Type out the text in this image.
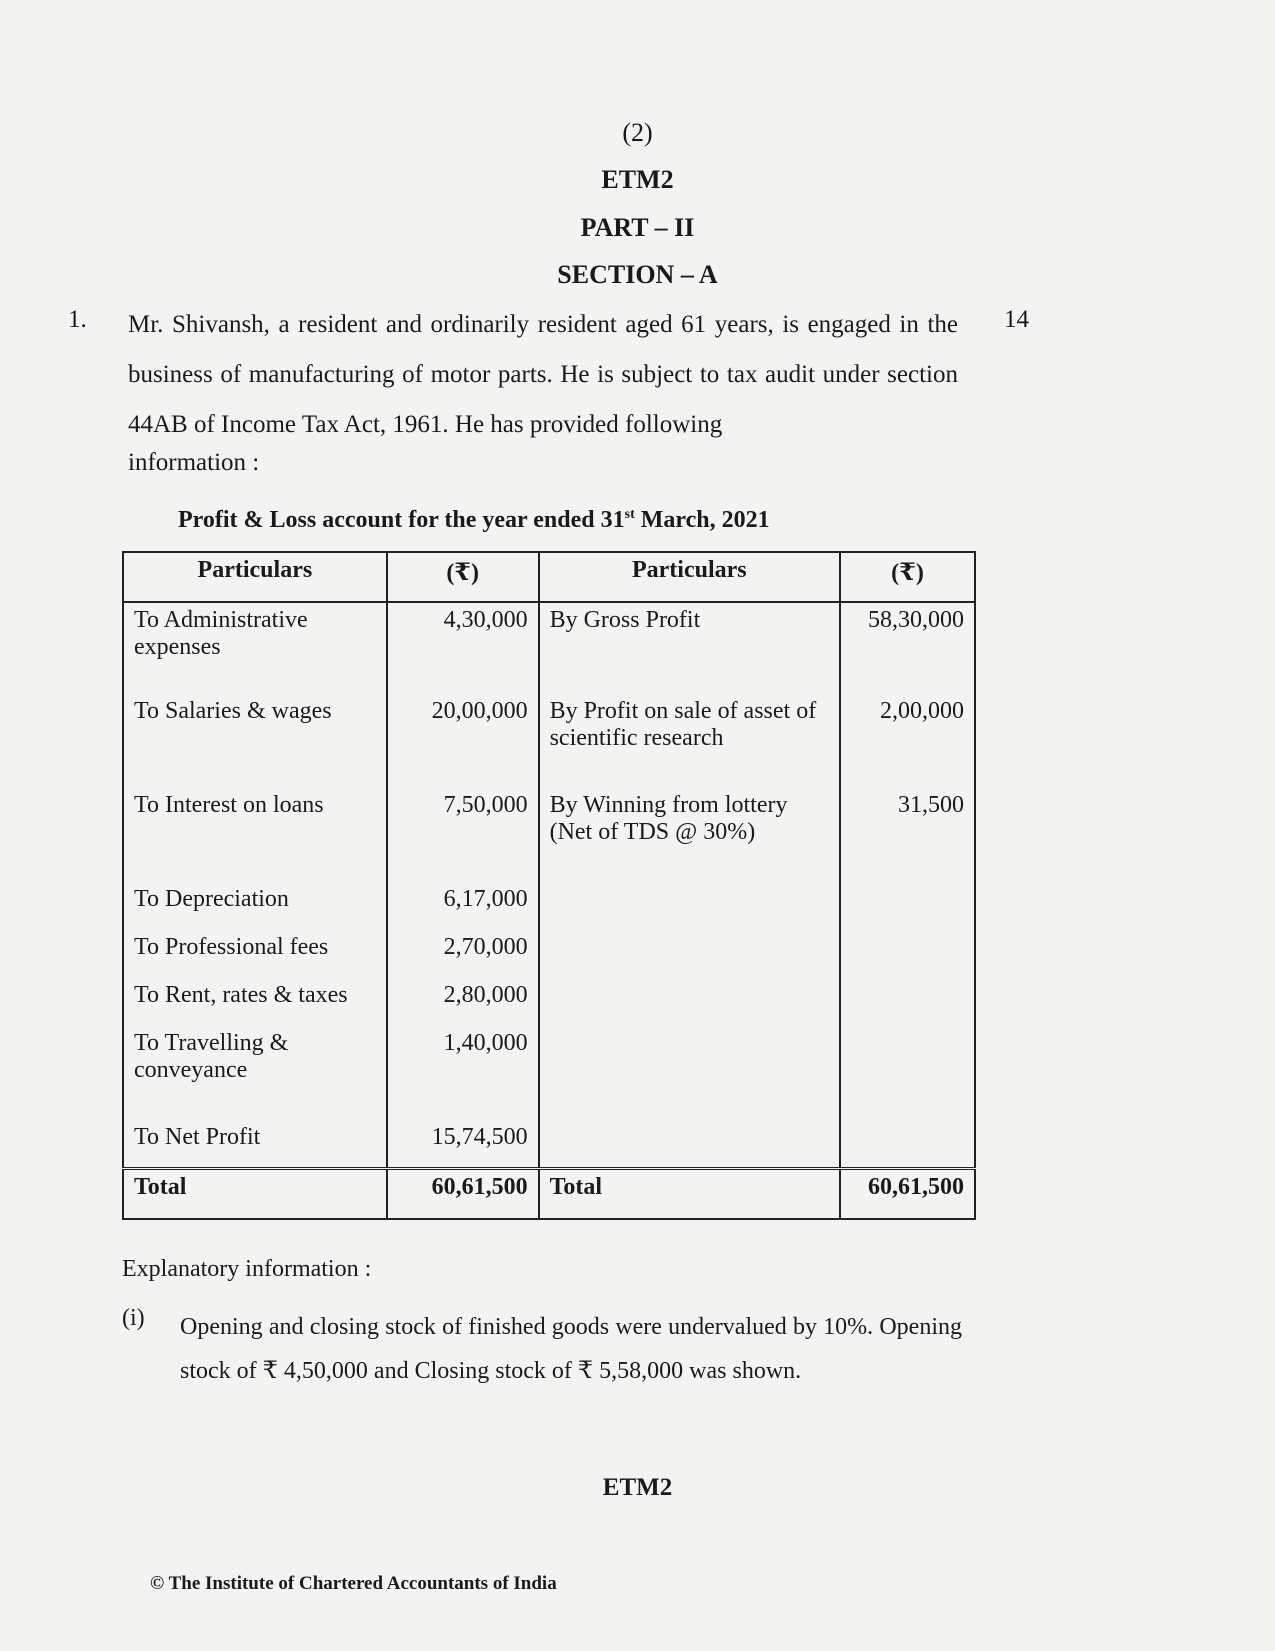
(2)
ETM2
PART – II
SECTION – A
1.	14
Mr. Shivansh, a resident and ordinarily resident aged 61 years, is engaged in the business of manufacturing of motor parts. He is subject to tax audit under section 44AB of Income Tax Act, 1961. He has provided following
information :
Profit & Loss account for the year ended 31st March, 2021
Particulars	(₹)	Particulars	(₹)
To Administrative expenses	4,30,000	By Gross Profit	58,30,000
To Salaries & wages	20,00,000	By Profit on sale of asset of scientific research	2,00,000
To Interest on loans	7,50,000	By Winning from lottery (Net of TDS @ 30%)	31,500
To Depreciation	6,17,000		
To Professional fees	2,70,000		
To Rent, rates & taxes	2,80,000		
To Travelling & conveyance	1,40,000		
To Net Profit	15,74,500		
Total	60,61,500	Total	60,61,500
Explanatory information :
(i) Opening and closing stock of finished goods were undervalued by 10%. Opening stock of ₹ 4,50,000 and Closing stock of ₹ 5,58,000 was shown.
ETM2
© The Institute of Chartered Accountants of India
